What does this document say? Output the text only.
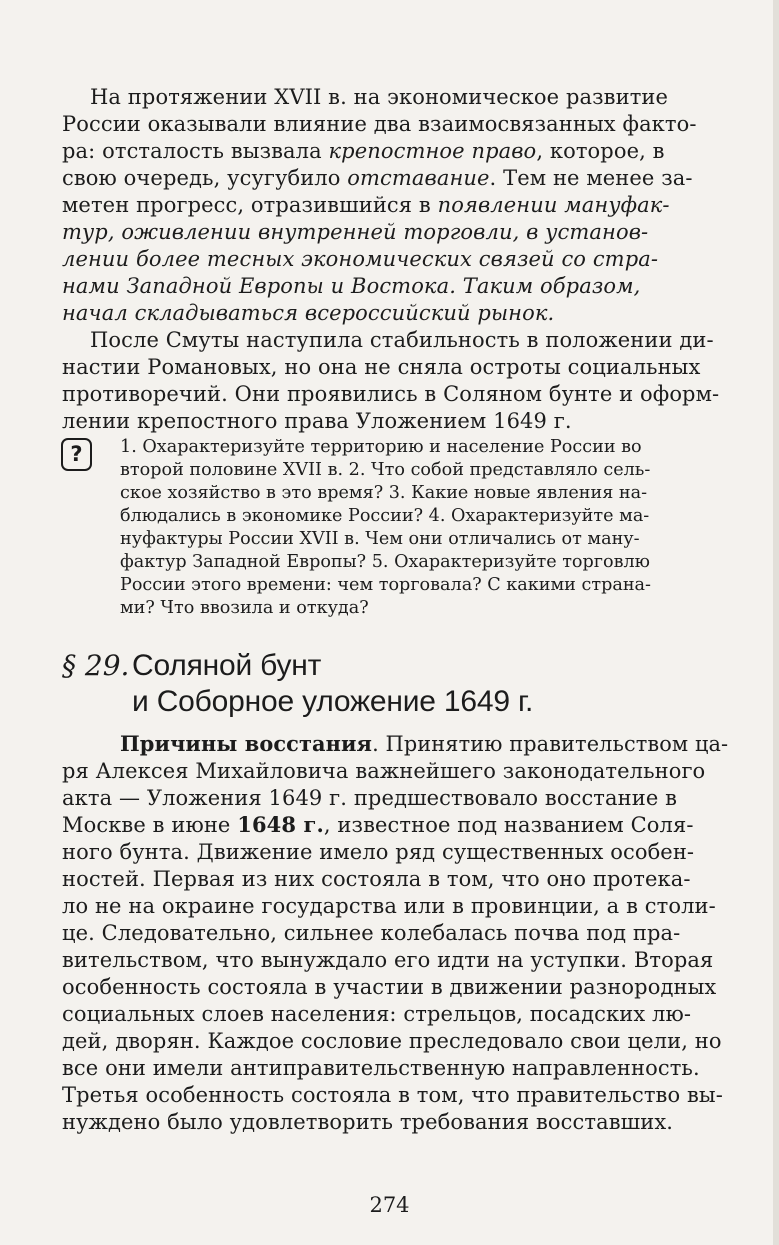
На протяжении XVII в. на экономическое развитие

России оказывали влияние два взаимосвязанных факто-

ра: отсталость вызвала крепостное право, которое, в

свою очередь, усугубило отставание. Тем не менее за-

метен прогресс, отразившийся в появлении мануфак-

тур, оживлении внутренней торговли, в установ-

лении более тесных экономических связей со стра-

нами Западной Европы и Востока. Таким образом,

начал складываться всероссийский рынок.

После Смуты наступила стабильность в положении ди-

настии Романовых, но она не сняла остроты социальных

противоречий. Они проявились в Соляном бунте и оформ-

лении крепостного права Уложением 1649 г.

?	1. Охарактеризуйте территорию и население России во

второй половине XVII в. 2. Что собой представляло сель-

ское хозяйство в это время? 3. Какие новые явления на-

блюдались в экономике России? 4. Охарактеризуйте ма-

нуфактуры России XVII в. Чем они отличались от ману-

фактур Западной Европы? 5. Охарактеризуйте торговлю

России этого времени: чем торговала? С какими страна-

ми? Что ввозила и откуда?

§ 29. Соляной бунт
и Соборное уложение 1649 г.

Причины восстания. Принятию правительством ца-

ря Алексея Михайловича важнейшего законодательного

акта — Уложения 1649 г. предшествовало восстание в

Москве в июне 1648 г., известное под названием Соля-

ного бунта. Движение имело ряд существенных особен-

ностей. Первая из них состояла в том, что оно протека-

ло не на окраине государства или в провинции, а в столи-

це. Следовательно, сильнее колебалась почва под пра-

вительством, что вынуждало его идти на уступки. Вторая

особенность состояла в участии в движении разнородных

социальных слоев населения: стрельцов, посадских лю-

дей, дворян. Каждое сословие преследовало свои цели, но

все они имели антиправительственную направленность.

Третья особенность состояла в том, что правительство вы-

нуждено было удовлетворить требования восставших.

274
